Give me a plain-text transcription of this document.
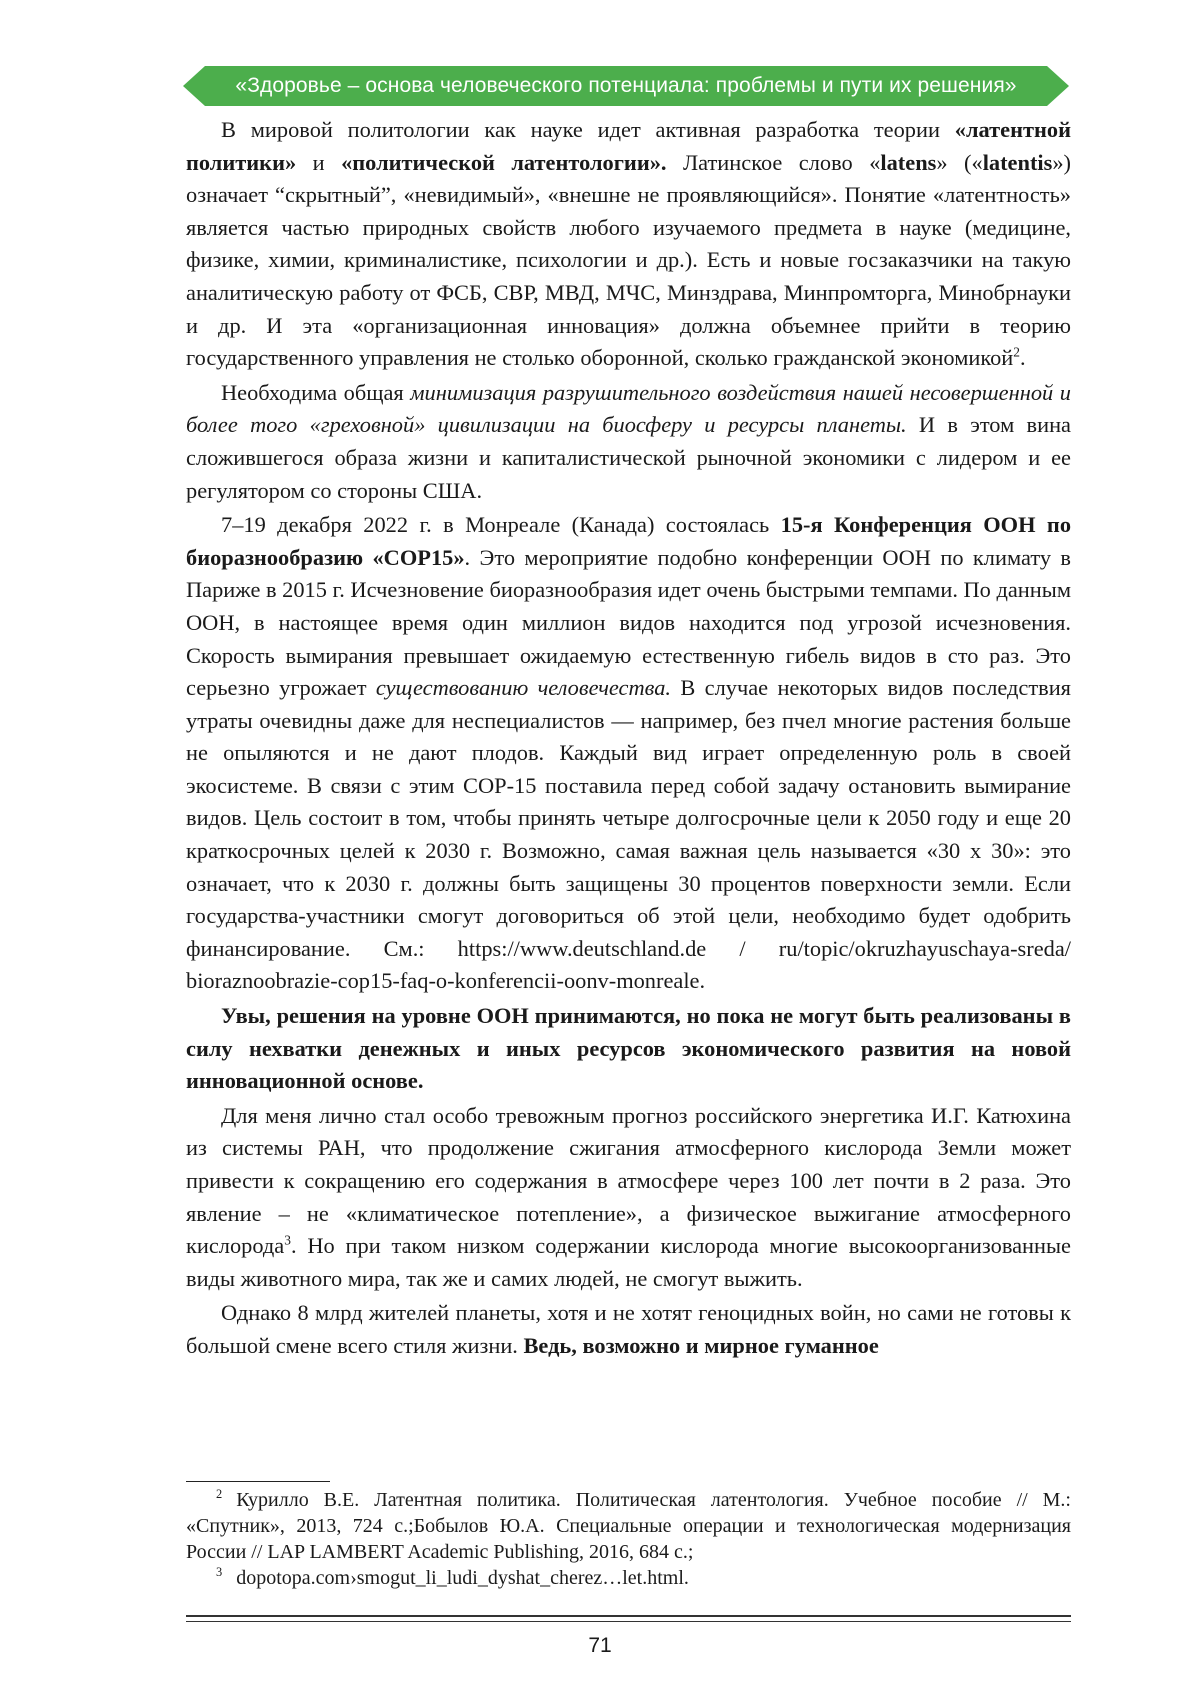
«Здоровье – основа человеческого потенциала: проблемы и пути их решения»

В мировой политологии как науке идет активная разработка теории «латентной политики» и «политической латентологии». Латинское слово «latens» («latentis») означает “скрытный”, «невидимый», «внешне не проявляющийся». Понятие «латентность» является частью природных свойств любого изучаемого предмета в науке (медицине, физике, химии, криминалистике, психологии и др.). Есть и новые госзаказчики на такую аналитическую работу от ФСБ, СВР, МВД, МЧС, Минздрава, Минпромторга, Минобрнауки и др. И эта «организационная инновация» должна объемнее прийти в теорию государственного управления не столько оборонной, сколько гражданской экономикой$^2$.

Необходима общая минимизация разрушительного воздействия нашей несовершенной и более того «греховной» цивилизации на биосферу и ресурсы планеты. И в этом вина сложившегося образа жизни и капиталистической рыночной экономики с лидером и ее регулятором со стороны США.

7–19 декабря 2022 г. в Монреале (Канада) состоялась 15-я Конференция ООН по биоразнообразию «COP15». Это мероприятие подобно конференции ООН по климату в Париже в 2015 г. Исчезновение биоразнообразия идет очень быстрыми темпами. По данным ООН, в настоящее время один миллион видов находится под угрозой исчезновения. Скорость вымирания превышает ожидаемую естественную гибель видов в сто раз. Это серьезно угрожает существованию человечества. В случае некоторых видов последствия утраты очевидны даже для неспециалистов — например, без пчел многие растения больше не опыляются и не дают плодов. Каждый вид играет определенную роль в своей экосистеме. В связи с этим COP-15 поставила перед собой задачу остановить вымирание видов. Цель состоит в том, чтобы принять четыре долгосрочные цели к 2050 году и еще 20 краткосрочных целей к 2030 г. Возможно, самая важная цель называется «30 х 30»: это означает, что к 2030 г. должны быть защищены 30 процентов поверхности земли. Если государства-участники смогут договориться об этой цели, необходимо будет одобрить финансирование. См.: https://www.deutschland.de / ru/topic/okruzhayuschaya-sreda/ bioraznoobrazie-cop15-faq-o-konferencii-oonv-monreale.

Увы, решения на уровне ООН принимаются, но пока не могут быть реализованы в силу нехватки денежных и иных ресурсов экономического развития на новой инновационной основе.

Для меня лично стал особо тревожным прогноз российского энергетика И.Г. Катюхина из системы РАН, что продолжение сжигания атмосферного кислорода Земли может привести к сокращению его содержания в атмосфере через 100 лет почти в 2 раза. Это явление – не «климатическое потепление», а физическое выжигание атмосферного кислорода$^3$. Но при таком низком содержании кислорода многие высокоорганизованные виды животного мира, так же и самих людей, не смогут выжить.

Однако 8 млрд жителей планеты, хотя и не хотят геноцидных войн, но сами не готовы к большой смене всего стиля жизни. Ведь, возможно и мирное гуманное

$^2$ Курилло В.Е. Латентная политика. Политическая латентология. Учебное пособие // М.: «Спутник», 2013, 724 с.;Бобылов Ю.А. Специальные операции и технологическая модернизация России // LAP LAMBERT Academic Publishing, 2016, 684 с.;

$^3$ dopotopa.com›smogut_li_ludi_dyshat_cherez…let.html.

71
